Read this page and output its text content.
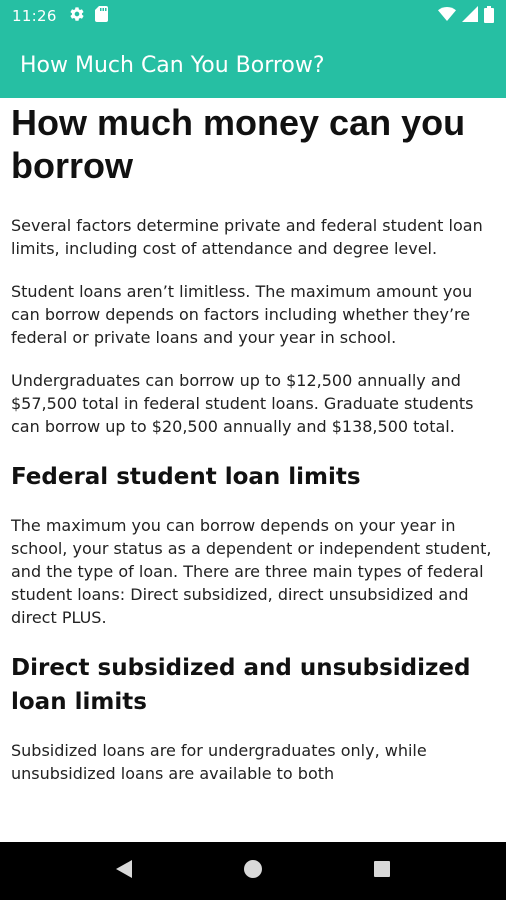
11:26
How Much Can You Borrow?
How much money can you borrow

Several factors determine private and federal student loan limits, including cost of attendance and degree level.

Student loans aren’t limitless. The maximum amount you can borrow depends on factors including whether they’re federal or private loans and your year in school.

Undergraduates can borrow up to $12,500 annually and $57,500 total in federal student loans. Graduate students can borrow up to $20,500 annually and $138,500 total.

Federal student loan limits

The maximum you can borrow depends on your year in school, your status as a dependent or independent student, and the type of loan. There are three main types of federal student loans: Direct subsidized, direct unsubsidized and direct PLUS.

Direct subsidized and unsubsidized loan limits

Subsidized loans are for undergraduates only, while unsubsidized loans are available to both
